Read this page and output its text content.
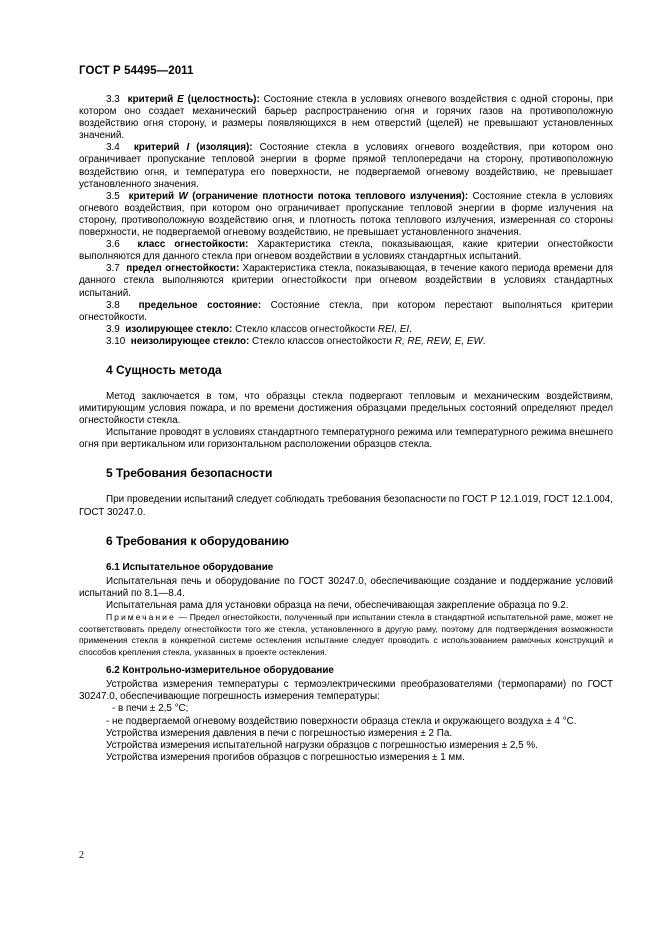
ГОСТ Р 54495—2011

3.3 критерий E (целостность): Состояние стекла в условиях огневого воздействия с одной стороны, при котором оно создает механический барьер распространению огня и горячих газов на противоположную воздействию огня сторону, и размеры появляющихся в нем отверстий (щелей) не превышают установленных значений.

3.4 критерий I (изоляция): Состояние стекла в условиях огневого воздействия, при котором оно ограничивает пропускание тепловой энергии в форме прямой теплопередачи на сторону, противоположную воздействию огня, и температура его поверхности, не подвергаемой огневому воздействию, не превышает установленного значения.

3.5 критерий W (ограничение плотности потока теплового излучения): Состояние стекла в условиях огневого воздействия, при котором оно ограничивает пропускание тепловой энергии в форме излучения на сторону, противоположную воздействию огня, и плотность потока теплового излучения, измеренная со стороны поверхности, не подвергаемой огневому воздействию, не превышает установленного значения.

3.6 класс огнестойкости: Характеристика стекла, показывающая, какие критерии огнестойкости выполняются для данного стекла при огневом воздействии в условиях стандартных испытаний.

3.7 предел огнестойкости: Характеристика стекла, показывающая, в течение какого периода времени для данного стекла выполняются критерии огнестойкости при огневом воздействии в условиях стандартных испытаний.

3.8 предельное состояние: Состояние стекла, при котором перестают выполняться критерии огнестойкости.

3.9 изолирующее стекло: Стекло классов огнестойкости REI, EI.

3.10 неизолирующее стекло: Стекло классов огнестойкости R, RE, REW, E, EW.

4 Сущность метода

Метод заключается в том, что образцы стекла подвергают тепловым и механическим воздействиям, имитирующим условия пожара, и по времени достижения образцами предельных состояний определяют предел огнестойкости стекла.

Испытание проводят в условиях стандартного температурного режима или температурного режима внешнего огня при вертикальном или горизонтальном расположении образцов стекла.

5 Требования безопасности

При проведении испытаний следует соблюдать требования безопасности по ГОСТ Р 12.1.019, ГОСТ 12.1.004, ГОСТ 30247.0.

6 Требования к оборудованию
6.1 Испытательное оборудование

Испытательная печь и оборудование по ГОСТ 30247.0, обеспечивающие создание и поддержание условий испытаний по 8.1—8.4.

Испытательная рама для установки образца на печи, обеспечивающая закрепление образца по 9.2.

Примечание — Предел огнестойкости, полученный при испытании стекла в стандартной испытательной раме, может не соответствовать пределу огнестойкости того же стекла, установленного в другую раму, поэтому для подтверждения возможности применения стекла в конкретной системе остекления испытание следует проводить с использованием рамочных конструкций и способов крепления стекла, указанных в проекте остекления.

6.2 Контрольно-измерительное оборудование

Устройства измерения температуры с термоэлектрическими преобразователями (термопарами) по ГОСТ 30247.0, обеспечивающие погрешность измерения температуры:

- в печи ± 2,5 °С;

- не подвергаемой огневому воздействию поверхности образца стекла и окружающего воздуха ± 4 °С.

Устройства измерения давления в печи с погрешностью измерения ± 2 Па.

Устройства измерения испытательной нагрузки образцов с погрешностью измерения ± 2,5 %.

Устройства измерения прогибов образцов с погрешностью измерения ± 1 мм.

2
